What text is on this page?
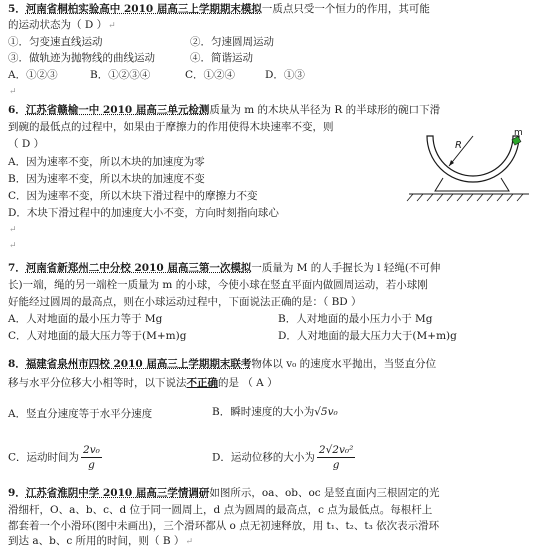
5．河南省桐柏实验高中 2010 届高三上学期期末模拟一质点只受一个恒力的作用，其可能
的运动状态为（ D ）↵
①．匀变速直线运动	②．匀速圆周运动
③．做轨迹为抛物线的曲线运动	④．简谐运动
A．①②③	B．①②③④	C．①②④	D．①③
↵
6．江苏省赣榆一中 2010 届高三单元检测质量为 m 的木块从半径为 R 的半球形的碗口下滑
到碗的最低点的过程中，如果由于摩擦力的作用使得木块速率不变，则
（ D ）
A．因为速率不变，所以木块的加速度为零
B．因为速率不变，所以木块的加速度不变
C．因为速率不变，所以木块下滑过程中的摩擦力不变
D．木块下滑过程中的加速度大小不变，方向时刻指向球心
↵
↵
R
m
7．河南省新郑州二中分校 2010 届高三第一次模拟一质量为 M 的人手握长为 l 轻绳(不可伸
长)一端，绳的另一端栓一质量为 m 的小球，今使小球在竖直平面内做圆周运动，若小球刚
好能经过圆周的最高点，则在小球运动过程中，下面说法正确的是：（ BD ）
A．人对地面的最小压力等于 Mg	B．人对地面的最小压力小于 Mg
C．人对地面的最大压力等于(M+m)g	D．人对地面的最大压力大于(M+m)g
8．福建省泉州市四校 2010 届高三上学期期末联考物体以 v₀ 的速度水平抛出，当竖直分位
移与水平分位移大小相等时，以下说法不正确的是 （ A ）
A．竖直分速度等于水平分速度	B．瞬时速度的大小为√5v₀
C．运动时间为 $\frac{\text{2v₀}}{g}$	D．运动位移的大小为 $\frac{\text{2√2v₀²}}{g}$
9．江苏省淮阴中学 2010 届高三学情调研如图所示，oa、ob、oc 是竖直面内三根固定的光
滑细杆，O、a、b、c、d 位于同一圆周上，d 点为圆周的最高点，c 点为最低点。每根杆上
都套着一个小滑环(图中未画出)，三个滑环都从 o 点无初速释放，用 t₁、t₂、t₃ 依次表示滑环
到达 a、b、c 所用的时间，则（ B ）↵
